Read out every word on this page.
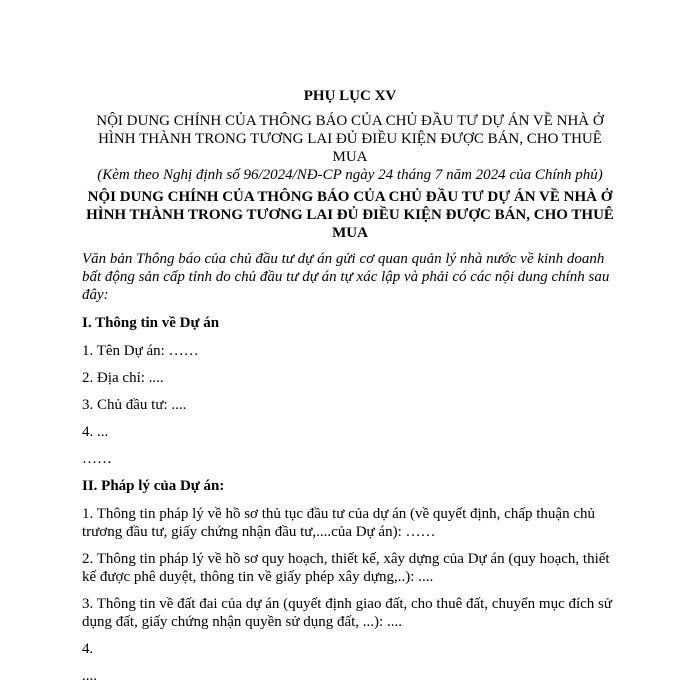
PHỤ LỤC XV

NỘI DUNG CHÍNH CỦA THÔNG BÁO CỦA CHỦ ĐẦU TƯ DỰ ÁN VỀ NHÀ Ở HÌNH THÀNH TRONG TƯƠNG LAI ĐỦ ĐIỀU KIỆN ĐƯỢC BÁN, CHO THUÊ MUA

(Kèm theo Nghị định số 96/2024/NĐ-CP ngày 24 tháng 7 năm 2024 của Chính phủ)

NỘI DUNG CHÍNH CỦA THÔNG BÁO CỦA CHỦ ĐẦU TƯ DỰ ÁN VỀ NHÀ Ở HÌNH THÀNH TRONG TƯƠNG LAI ĐỦ ĐIỀU KIỆN ĐƯỢC BÁN, CHO THUÊ MUA

Văn bản Thông báo của chủ đầu tư dự án gửi cơ quan quản lý nhà nước về kinh doanh bất động sản cấp tỉnh do chủ đầu tư dự án tự xác lập và phải có các nội dung chính sau đây:

I. Thông tin về Dự án

1. Tên Dự án: ……

2. Địa chỉ: ....

3. Chủ đầu tư: ....

4. ...

……

II. Pháp lý của Dự án:

1. Thông tin pháp lý về hồ sơ thủ tục đầu tư của dự án (về quyết định, chấp thuận chủ trương đầu tư, giấy chứng nhận đầu tư,....của Dự án): ……

2. Thông tin pháp lý về hồ sơ quy hoạch, thiết kế, xây dựng của Dự án (quy hoạch, thiết kế được phê duyệt, thông tin về giấy phép xây dựng,..): ....

3. Thông tin về đất đai của dự án (quyết định giao đất, cho thuê đất, chuyển mục đích sử dụng đất, giấy chứng nhận quyền sử dụng đất, ...): ....

4.

....
